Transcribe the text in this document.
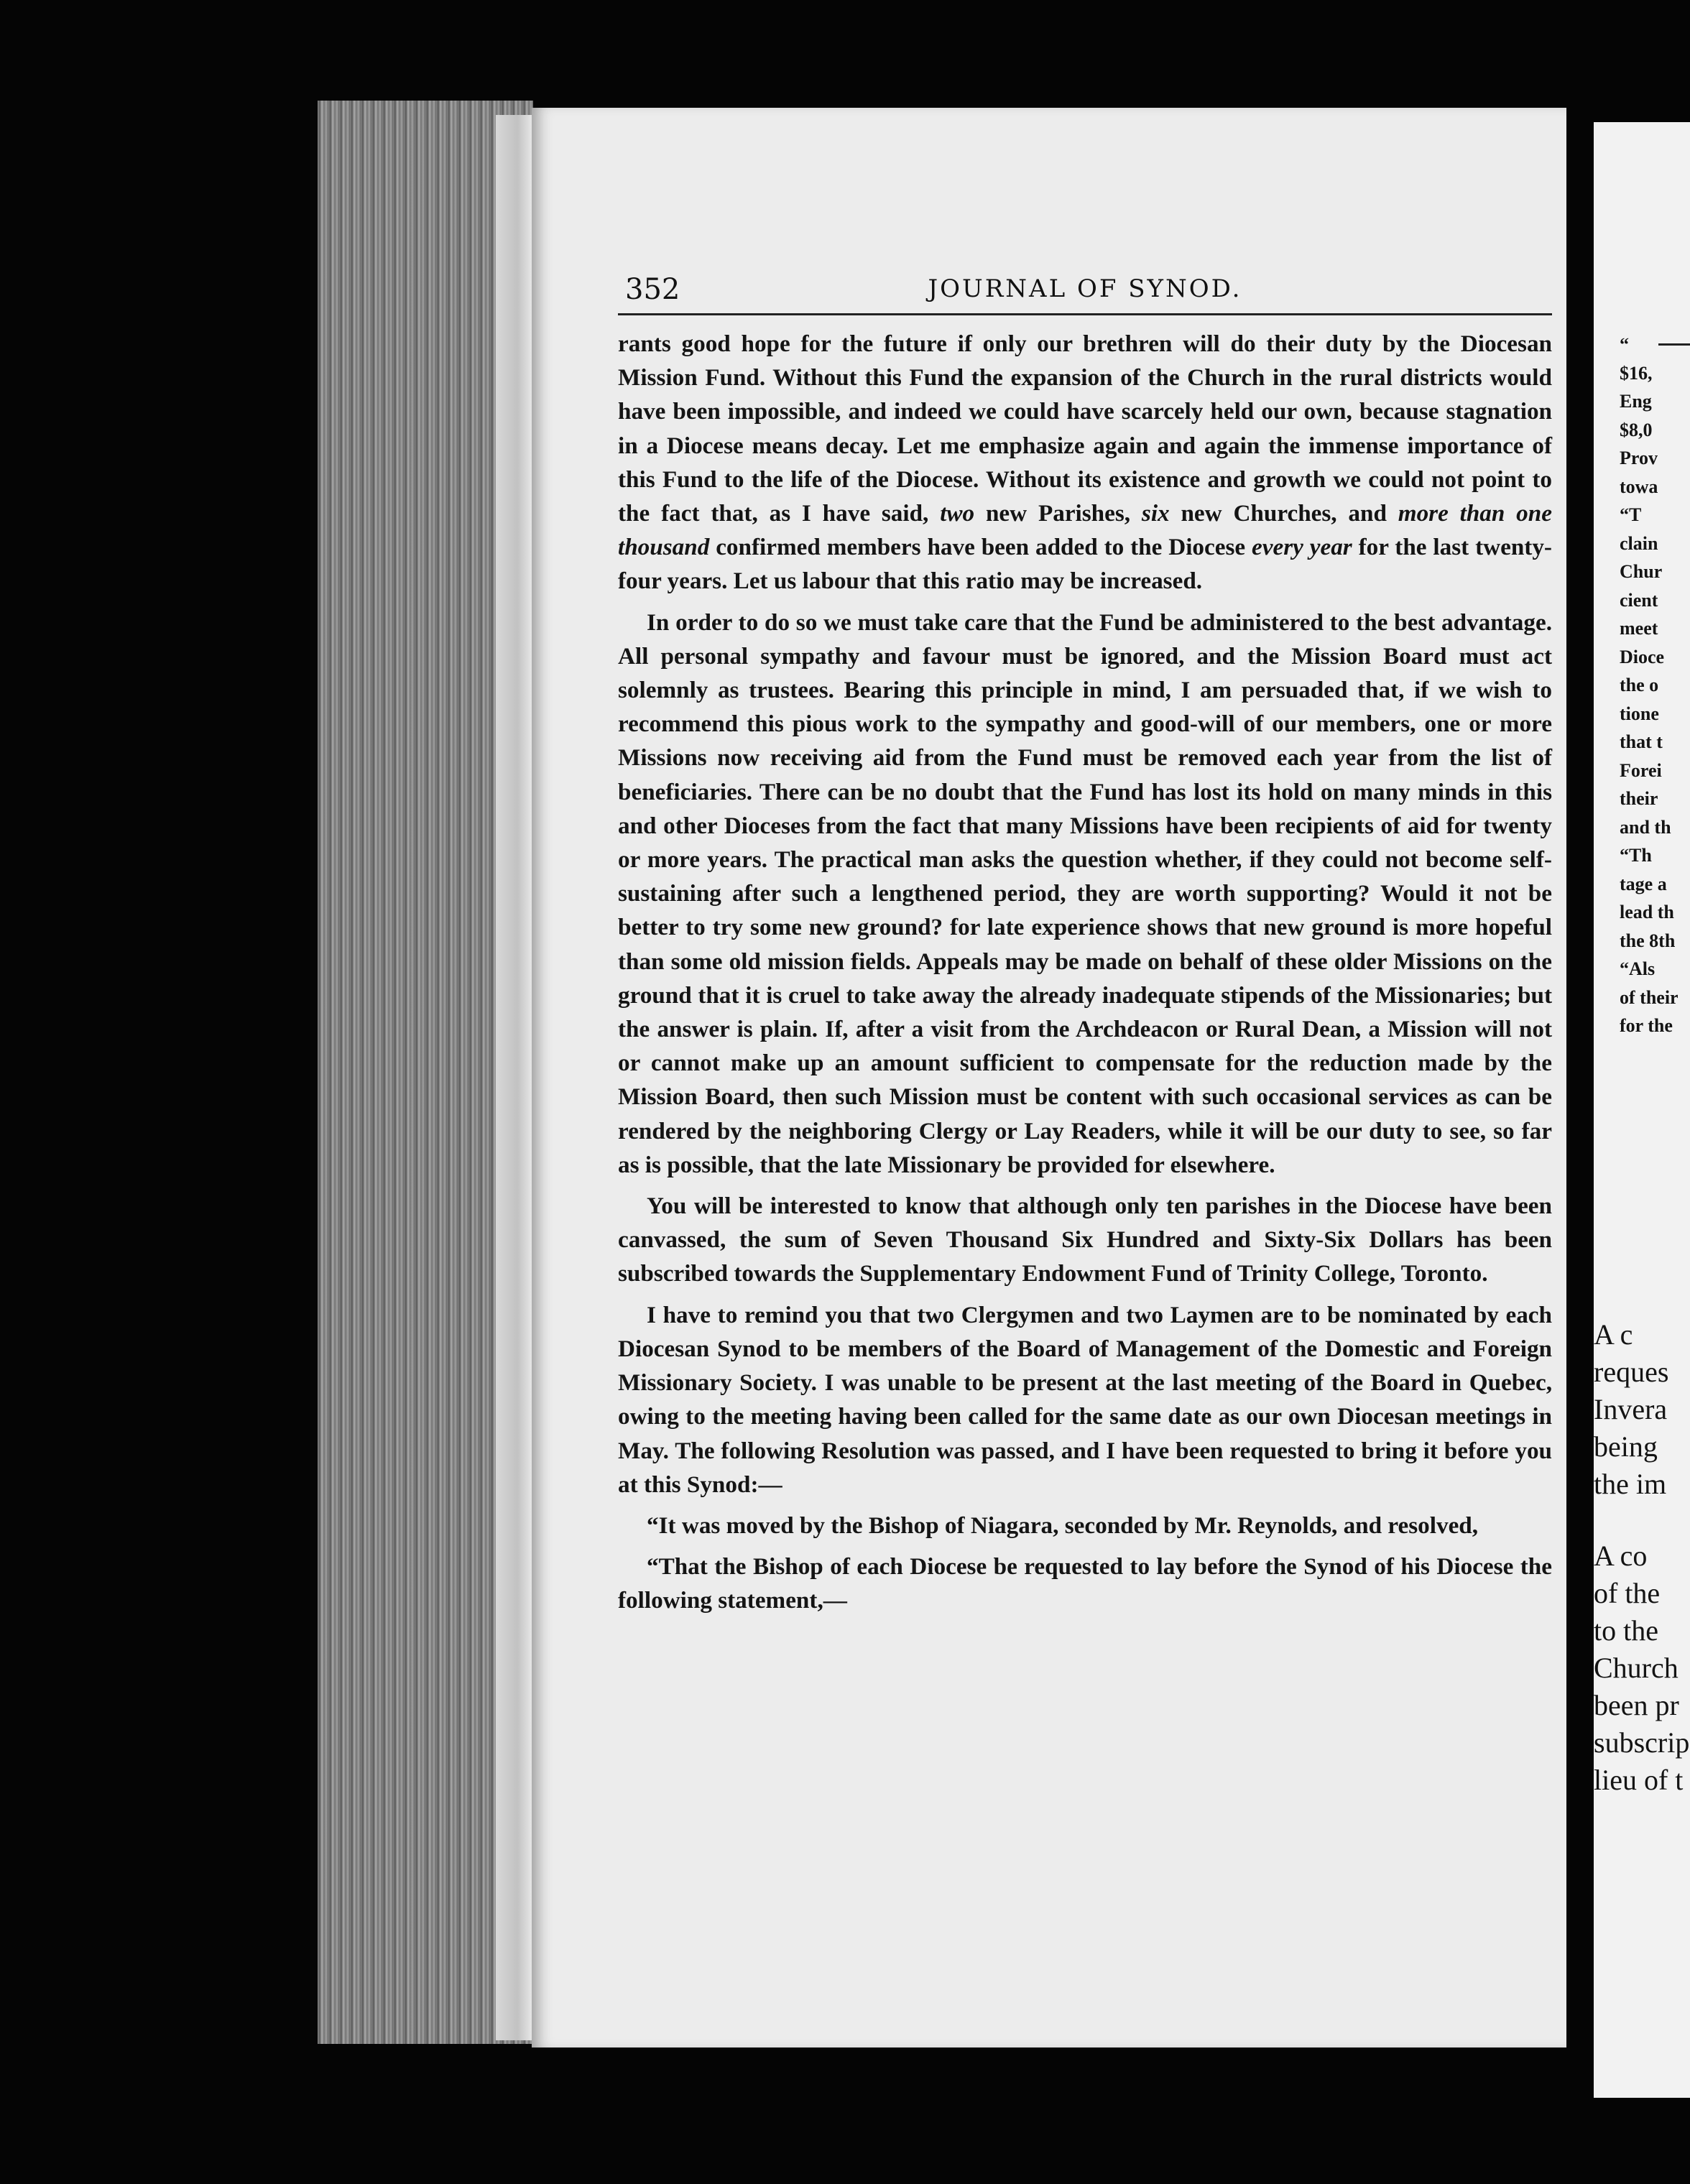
352	JOURNAL OF SYNOD.

rants good hope for the future if only our brethren will do their duty by the Diocesan Mission Fund. Without this Fund the expansion of the Church in the rural districts would have been impossible, and indeed we could have scarcely held our own, because stagnation in a Diocese means decay. Let me emphasize again and again the immense importance of this Fund to the life of the Diocese. Without its existence and growth we could not point to the fact that, as I have said, two new Parishes, six new Churches, and more than one thousand confirmed members have been added to the Diocese every year for the last twenty-four years. Let us labour that this ratio may be increased.

In order to do so we must take care that the Fund be administered to the best advantage. All personal sympathy and favour must be ignored, and the Mission Board must act solemnly as trustees. Bearing this principle in mind, I am persuaded that, if we wish to recommend this pious work to the sympathy and good-will of our members, one or more Missions now receiving aid from the Fund must be removed each year from the list of beneficiaries. There can be no doubt that the Fund has lost its hold on many minds in this and other Dioceses from the fact that many Missions have been recipients of aid for twenty or more years. The practical man asks the question whether, if they could not become self-sustaining after such a lengthened period, they are worth supporting? Would it not be better to try some new ground? for late experience shows that new ground is more hopeful than some old mission fields. Appeals may be made on behalf of these older Missions on the ground that it is cruel to take away the already inadequate stipends of the Missionaries; but the answer is plain. If, after a visit from the Archdeacon or Rural Dean, a Mission will not or cannot make up an amount sufficient to compensate for the reduction made by the Mission Board, then such Mission must be content with such occasional services as can be rendered by the neighboring Clergy or Lay Readers, while it will be our duty to see, so far as is possible, that the late Missionary be provided for elsewhere.

You will be interested to know that although only ten parishes in the Diocese have been canvassed, the sum of Seven Thousand Six Hundred and Sixty-Six Dollars has been subscribed towards the Supplementary Endowment Fund of Trinity College, Toronto.

I have to remind you that two Clergymen and two Laymen are to be nominated by each Diocesan Synod to be members of the Board of Management of the Domestic and Foreign Missionary Society. I was unable to be present at the last meeting of the Board in Quebec, owing to the meeting having been called for the same date as our own Diocesan meetings in May. The following Resolution was passed, and I have been requested to bring it before you at this Synod:—

“It was moved by the Bishop of Niagara, seconded by Mr. Reynolds, and resolved,

“That the Bishop of each Diocese be requested to lay before the Synod of his Diocese the following statement,—

“
$16,
Eng
$8,0
Prov
towa
“T
clain
Chur
cient
meet
Dioce
the o
tione
that t
Forei
their
and th
“Th
tage a
lead th
the 8th
“Als
of their
for the
A c
reques
Invera
being
the im
A co
of the
to the
Church
been pr
subscrip
lieu of t
